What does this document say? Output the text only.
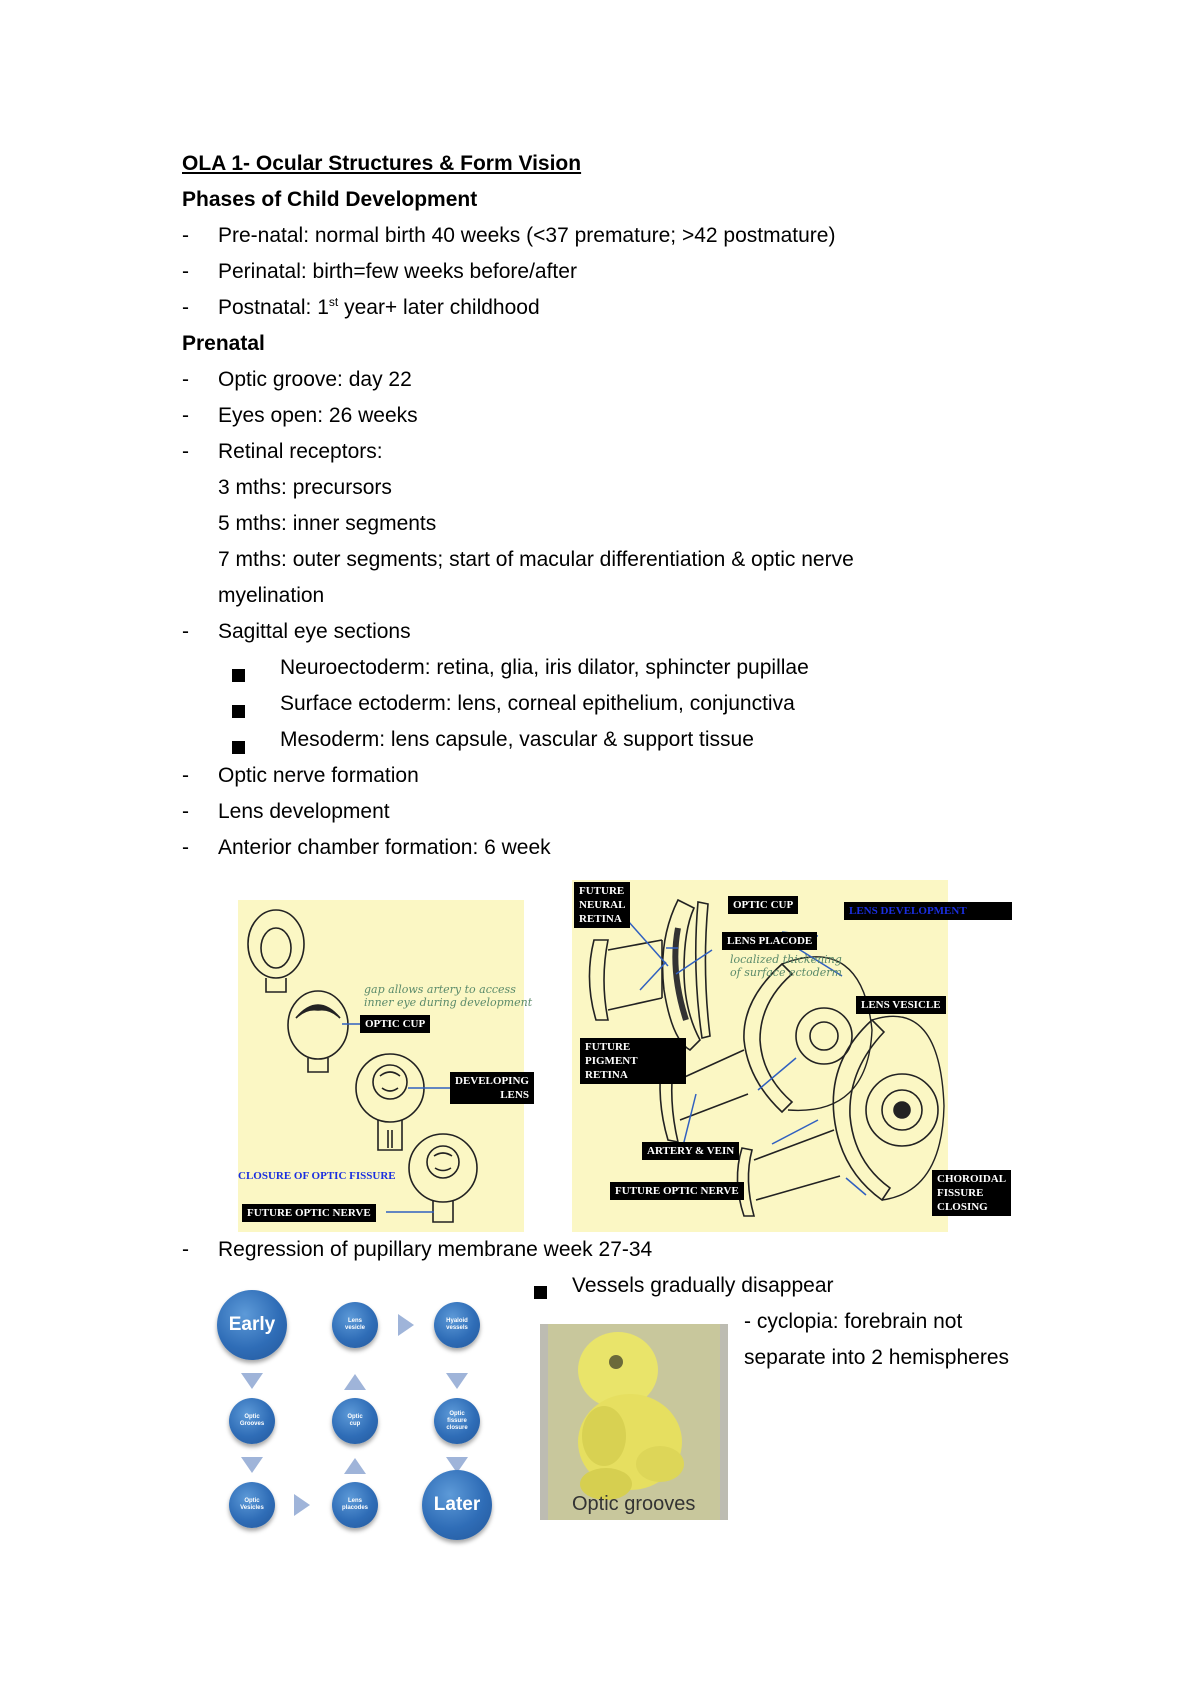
OLA 1- Ocular Structures & Form Vision
Phases of Child Development
- Pre-natal: normal birth 40 weeks (<37 premature; >42 postmature)
- Perinatal: birth=few weeks before/after
- Postnatal: 1st year+ later childhood
Prenatal
- Optic groove: day 22
- Eyes open: 26 weeks
- Retinal receptors:
3 mths: precursors
5 mths: inner segments
7 mths: outer segments; start of macular differentiation & optic nerve
myelination
- Sagittal eye sections
Neuroectoderm: retina, glia, iris dilator, sphincter pupillae
Surface ectoderm: lens, corneal epithelium, conjunctiva
Mesoderm: lens capsule, vascular & support tissue
- Optic nerve formation
- Lens development
- Anterior chamber formation: 6 week
gap allows artery to access
inner eye during development
OPTIC CUP
DEVELOPING
LENS
CLOSURE OF OPTIC FISSURE
FUTURE OPTIC NERVE
FUTURE
NEURAL
RETINA
OPTIC CUP	LENS DEVELOPMENT
LENS PLACODE
localized thickening
of surface ectoderm
LENS VESICLE
FUTURE
PIGMENT
RETINA
ARTERY & VEIN
FUTURE OPTIC NERVE
CHOROIDAL
FISSURE
CLOSING
- Regression of pupillary membrane week 27-34
Early
Optic
Grooves
Optic
Vesicles
Lens
placodes
Optic
cup
Lens
vesicle
Hyaloid
vessels
Optic
fissure
closure
Later
Vessels gradually disappear
Optic grooves
- cyclopia: forebrain not
separate into 2 hemispheres
